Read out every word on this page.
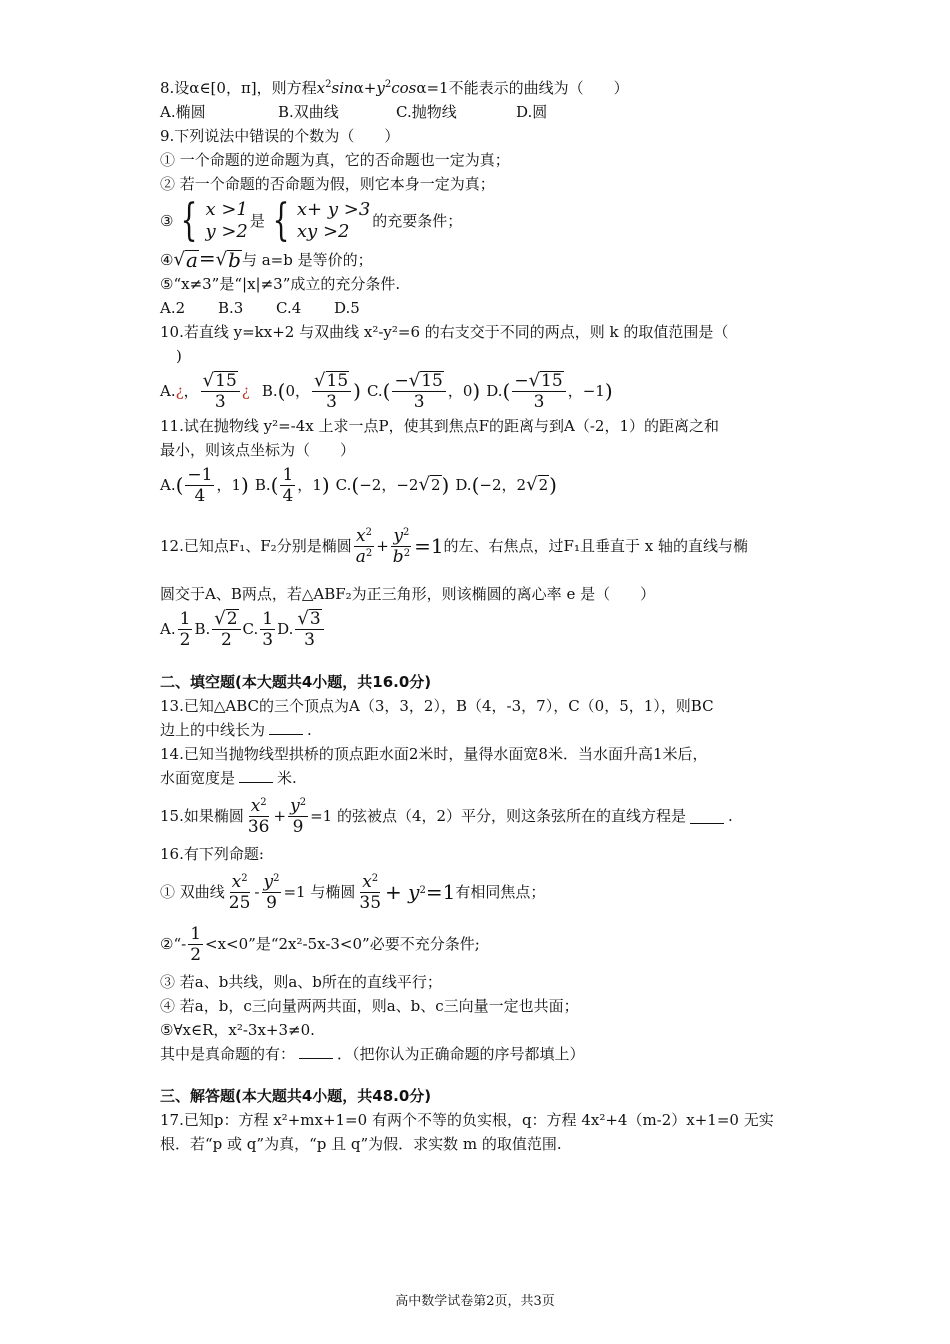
8.设α∈[0，π]，则方程$x^2\sin\alpha+y^2\cos\alpha=1$不能表示的曲线为（　　）
A.椭圆	B.双曲线	C.抛物线	D.圆
9.下列说法中错误的个数为（　　）
① 一个命题的逆命题为真，它的否命题也一定为真；
② 若一个命题的否命题为假，则它本身一定为真；
③ { x >1
y >2 是 { x+ y >3
xy >2	的充要条件；
④ √ a = √ b 与 a=b 是等价的；
⑤“x≠3”是“|x|≠3”成立的充分条件.
A.2	B.3	C.4	D.5
10.若直线 y=kx+2 与双曲线 x²-y²=6 的右支交于不同的两点，则 k 的取值范围是（
)
A. ¿ ， $\frac{√ 15}{3}$ ¿ B. ( 0 ， $\frac{√ 15}{3}$ ) C. ( $\frac{- √ 15}{3}$ ， 0 ) D. ( $\frac{- √ 15}{3}$ ， −1 )
11.试在抛物线 y²=-4x 上求一点P，使其到焦点F的距离与到A（-2，1）的距离之和
最小，则该点坐标为（　　）
A. ( $\frac{-1}{4}$ ， 1 ) B. ( $\frac{1}{4}$ ， 1 ) C. ( −2 ， −2 √ 2 ) D. ( −2 ， 2 √ 2 )
12.已知点F₁、F₂分别是椭圆 $\frac{x^2}{a^2} + \frac{y^2}{b^2} =1$ 的左、右焦点，过F₁且垂直于 x 轴的直线与椭
圆交于A、B两点，若△ABF₂为正三角形，则该椭圆的离心率 e 是（　　）
A. $\frac{1}{2} B$. $\frac{√ 2}{2} C$. $\frac{1}{3} D$. $\frac{√ 3}{3}$
二、填空题(本大题共4小题，共16.0分)
13.已知△ABC的三个顶点为A（3，3，2），B（4，-3，7），C（0，5，1），则BC
边上的中线长为	.
14.已知当抛物线型拱桥的顶点距水面2米时，量得水面宽8米．当水面升高1米后，
水面宽度是	米.
15.如果椭圆 $\frac{x^2}{36} + \frac{y^2}{9} =1$ 的弦被点（4，2）平分，则这条弦所在的直线方程是	.
16.有下列命题:
① 双曲线 $\frac{x^2}{25} - \frac{y^2}{9} =1$ 与椭圆 $\frac{x^2}{35} + y^2=1$ 有相同焦点；
②“- $\frac{1}{2} <x<0$”是“2x²-5x-3<0”必要不充分条件;
③ 若a、b共线，则a、b所在的直线平行；
④ 若a，b，c三向量两两共面，则a、b、c三向量一定也共面；
⑤∀x∈R，x²-3x+3≠0.
其中是真命题的有：	．（把你认为正确命题的序号都填上）
三、解答题(本大题共4小题，共48.0分)
17.已知p：方程 x²+mx+1=0 有两个不等的负实根，q：方程 4x²+4（m-2）x+1=0 无实
根．若“p 或 q”为真，“p 且 q”为假．求实数 m 的取值范围.
高中数学试卷第2页，共3页
